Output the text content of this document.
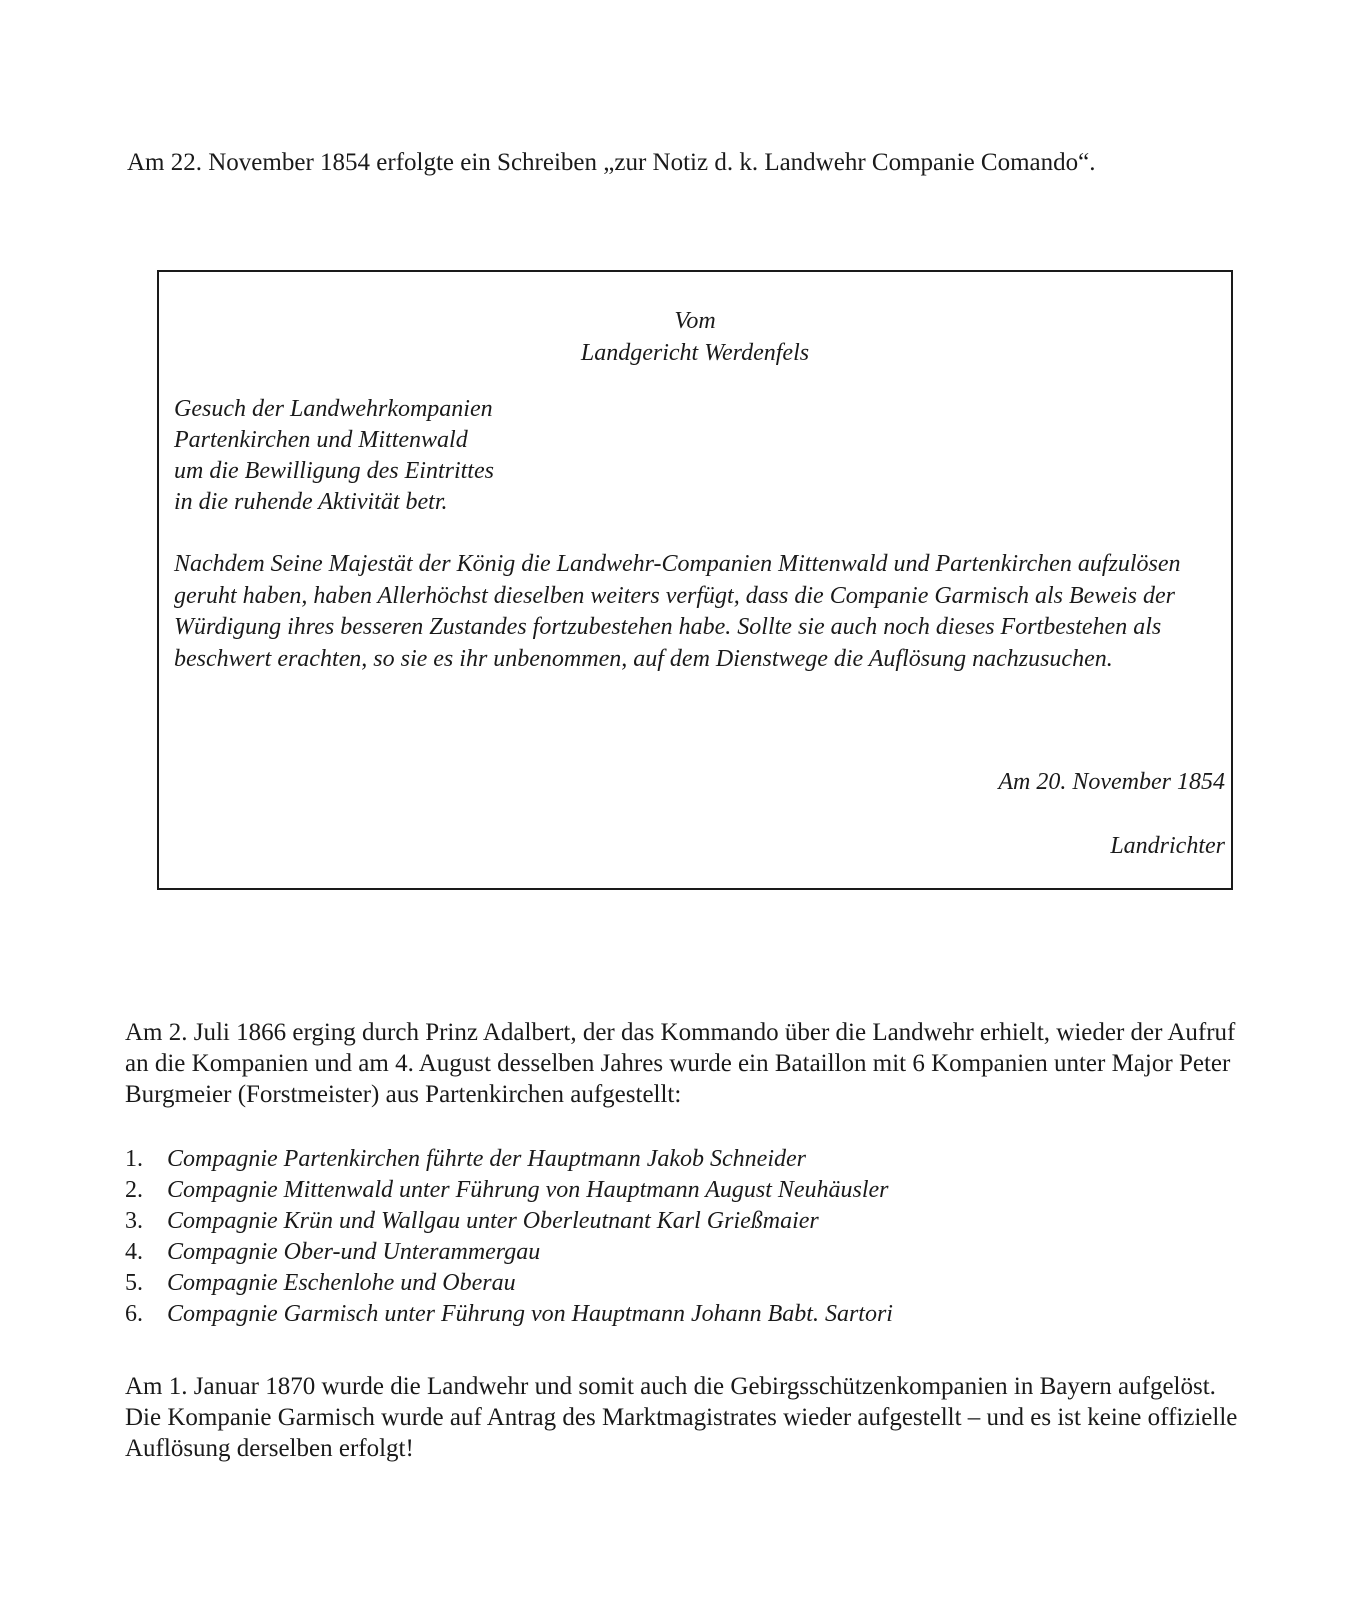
Am 22. November 1854 erfolgte ein Schreiben „zur Notiz d. k. Landwehr Companie Comando“.

Vom
Landgericht Werdenfels
Gesuch der Landwehrkompanien
Partenkirchen und Mittenwald
um die Bewilligung des Eintrittes
in die ruhende Aktivität betr.

Nachdem Seine Majestät der König die Landwehr-Companien Mittenwald und Partenkirchen aufzulösen geruht haben, haben Allerhöchst dieselben weiters verfügt, dass die Companie Garmisch als Beweis der Würdigung ihres besseren Zustandes fortzubestehen habe. Sollte sie auch noch dieses Fortbestehen als beschwert erachten, so sie es ihr unbenommen, auf dem Dienstwege die Auflösung nachzusuchen.

Am 20. November 1854
Landrichter

Am 2. Juli 1866 erging durch Prinz Adalbert, der das Kommando über die Landwehr erhielt, wieder der Aufruf an die Kompanien und am 4. August desselben Jahres wurde ein Bataillon mit 6 Kompanien unter Major Peter Burgmeier (Forstmeister) aus Partenkirchen aufgestellt:

1. Compagnie Partenkirchen führte der Hauptmann Jakob Schneider
2. Compagnie Mittenwald unter Führung von Hauptmann August Neuhäusler
3. Compagnie Krün und Wallgau unter Oberleutnant Karl Grießmaier
4. Compagnie Ober-und Unterammergau
5. Compagnie Eschenlohe und Oberau
6. Compagnie Garmisch unter Führung von Hauptmann Johann Babt. Sartori

Am 1. Januar 1870 wurde die Landwehr und somit auch die Gebirgsschützenkompanien in Bayern aufgelöst. Die Kompanie Garmisch wurde auf Antrag des Marktmagistrates wieder aufgestellt – und es ist keine offizielle Auflösung derselben erfolgt!
